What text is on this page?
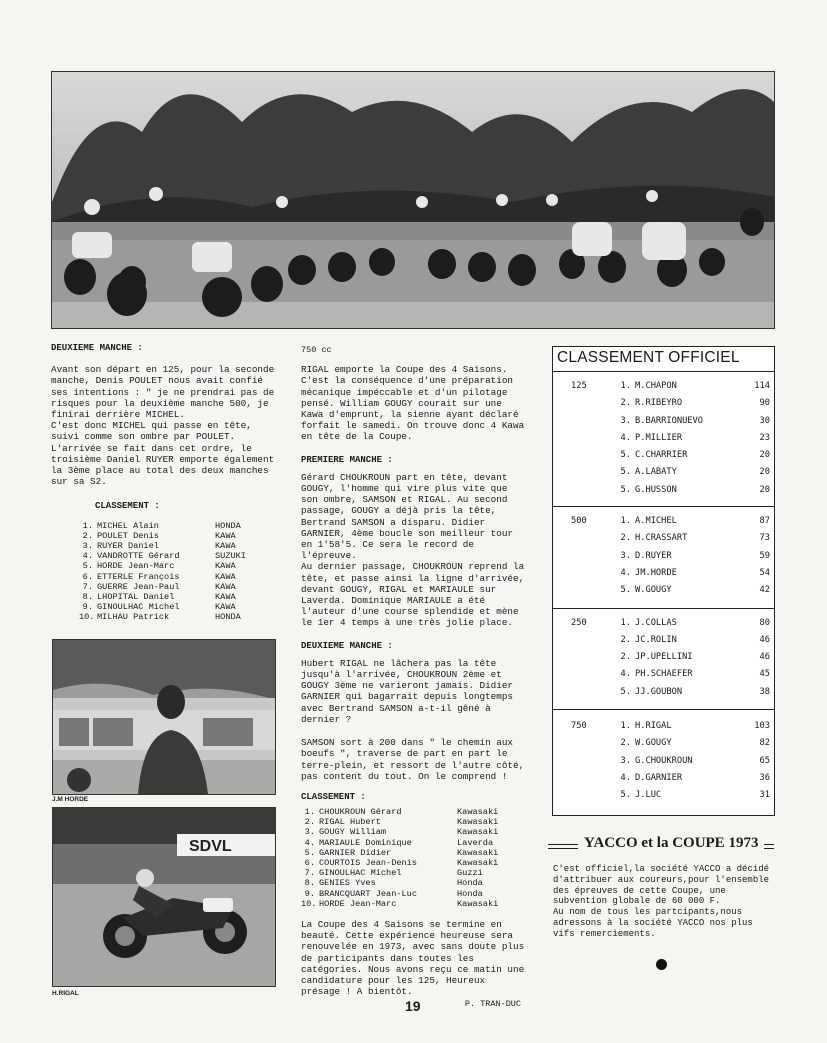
DEUXIEME MANCHE :

Avant son départ en 125, pour la seconde manche, Denis POULET nous avait confié ses intentions : " je ne prendrai pas de risques pour la deuxième manche 500, je finirai derrière MICHEL.

C'est donc MICHEL qui passe en tête, suivi comme son ombre par POULET. L'arrivée se fait dans cet ordre, le troisième Daniel RUYER emporte également la 3ème place au total des deux manches sur sa S2.

CLASSEMENT :

1. MICHEL Alain	HONDA
2. POULET Denis	KAWA
3. RUYER Daniel	KAWA
4. VANDROTTE Gérard	SUZUKI
5. HORDE Jean-Marc	KAWA
6. ETTERLE François	KAWA
7. GUERRE Jean-Paul	KAWA
8. LHOPITAL Daniel	KAWA
9. GINOULHAC Michel	KAWA
10. MILHAU Patrick	HONDA
J.M HORDE
SDVL
H.RIGAL

750 cc

RIGAL emporte la Coupe des 4 Saisons. C'est la conséquence d'une préparation mécanique impéccable et d'un pilotage pensé. William GOUGY courait sur une Kawa d'emprunt, la sienne ayant déclaré forfait le samedi. On trouve donc 4 Kawa en tête de la Coupe.

PREMIERE MANCHE :

Gérard CHOUKROUN part en tête, devant GOUGY, l'homme qui vire plus vite que son ombre, SAMSON et RIGAL. Au second passage, GOUGY a déjà pris la tête, Bertrand SAMSON a disparu. Didier GARNIER, 4ème boucle son meilleur tour en 1'58'5. Ce sera le record de l'épreuve.

Au dernier passage, CHOUKROUN reprend la tête, et passe ainsi la ligne d'arrivée, devant GOUGY, RIGAL et MARIAULE sur Laverda. Dominique MARIAULE a été l'auteur d'une course splendide et mène le 1er 4 temps à une très jolie place.

DEUXIEME MANCHE :

Hubert RIGAL ne lâchera pas la tête jusqu'à l'arrivée, CHOUKROUN 2ème et GOUGY 3ème ne varieront jamais. Didier GARNIER qui bagarrait depuis longtemps avec Bertrand SAMSON a-t-il gêné à dernier ?

SAMSON sort à 200 dans " le chemin aux boeufs ", traverse de part en part le terre-plein, et ressort de l'autre côté, pas content du tout. On le comprend !

CLASSEMENT :

1. CHOUKROUN Gérard	Kawasaki
2. RIGAL Hubert	Kawasaki
3. GOUGY William	Kawasaki
4. MARIAULE Dominique	Laverda
5. GARNIER Didier	Kawasaki
6. COURTOIS Jean-Denis	Kawasaki
7. GINOULHAC Michel	Guzzi
8. GENIES Yves	Honda
9. BRANCQUART Jean-Luc	Honda
10. HORDE Jean-Marc	Kawasaki

La Coupe des 4 Saisons se termine en beauté. Cette expérience heureuse sera renouvelée en 1973, avec sans doute plus de participants dans toutes les catégories. Nous avons reçu ce matin une candidature pour les 125, Heureux présage ! A bientôt.

P. TRAN-DUC

CLASSEMENT OFFICIEL
125	1. M.CHAPON	114
2. R.RIBEYRO	90
3. B.BARRIONUEVO	30
4. P.MILLIER	23
5. C.CHARRIER	20
5. A.LABATY	20
5. G.HUSSON	20
500	1. A.MICHEL	87
2. H.CRASSART	73
3. D.RUYER	59
4. JM.HORDE	54
5. W.GOUGY	42
250	1. J.COLLAS	80
2. JC.ROLIN	46
2. JP.UPELLINI	46
4. PH.SCHAEFER	45
5. JJ.GOUBON	38
750	1. H.RIGAL	103
2. W.GOUGY	82
3. G.CHOUKROUN	65
4. D.GARNIER	36
5. J.LUC	31
YACCO et la COUPE 1973

C'est officiel,la société YACCO a décidé d'attribuer aux coureurs,pour l'ensemble des épreuves de cette Coupe, une subvention globale de 60 000 F.

Au nom de tous les partcipants,nous adressons à la société YACCO nos plus vifs remerciements.

19
